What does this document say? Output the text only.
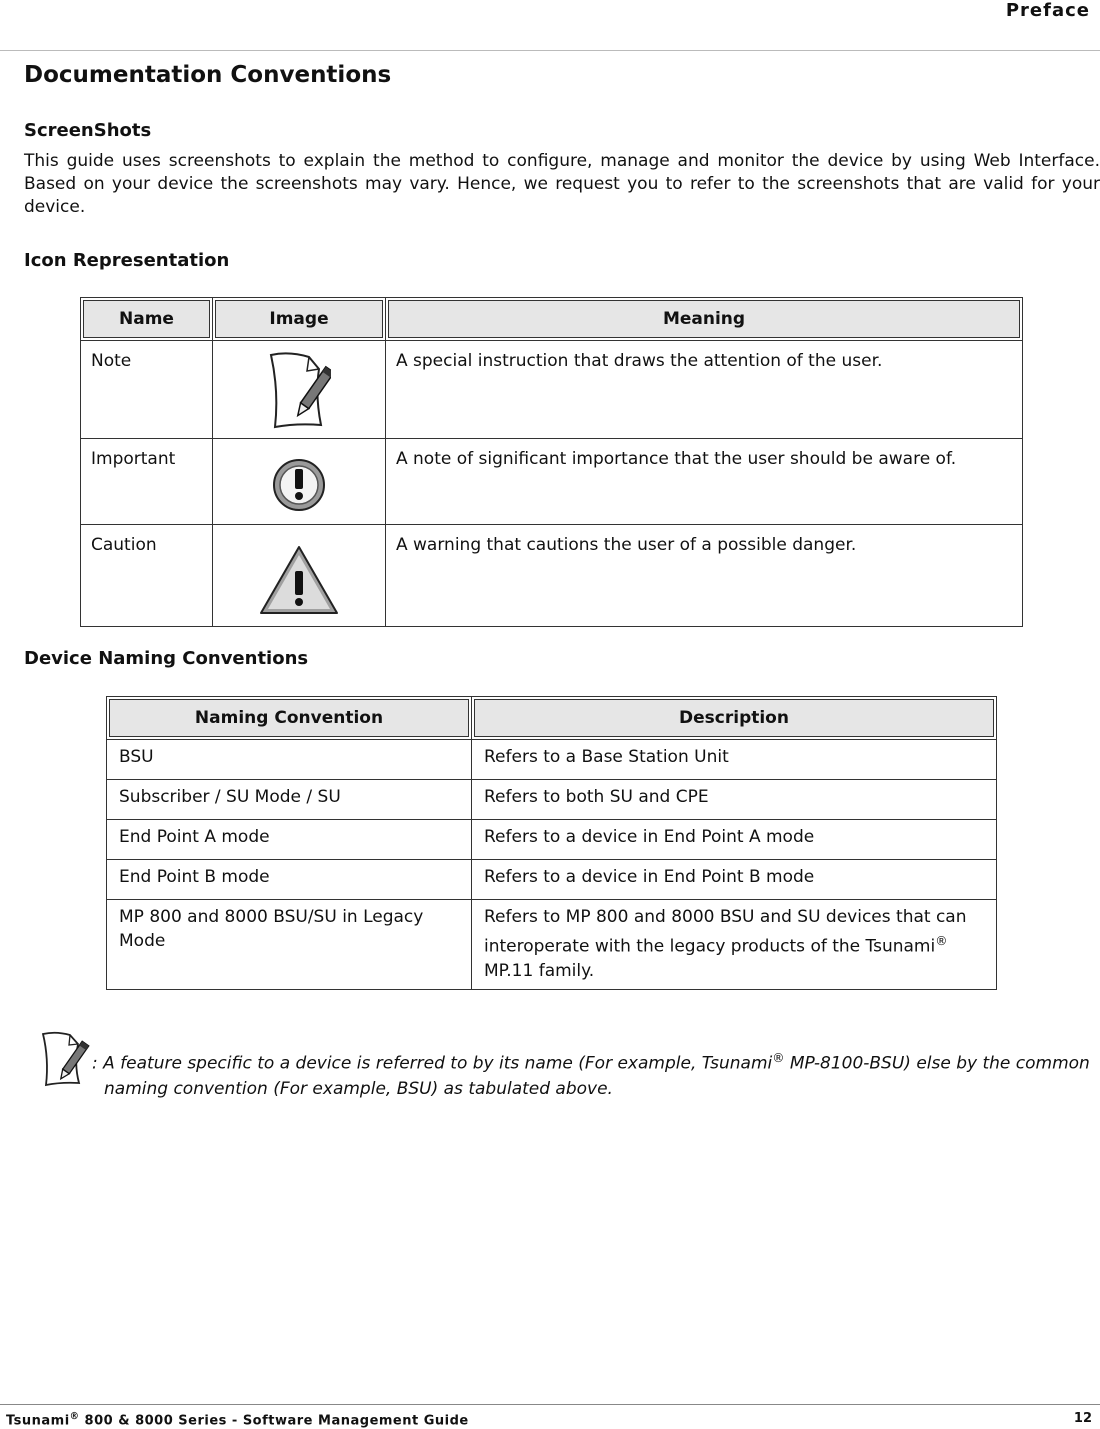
Preface
Documentation Conventions
ScreenShots

This guide uses screenshots to explain the method to configure, manage and monitor the device by using Web Interface. Based on your device the screenshots may vary. Hence, we request you to refer to the screenshots that are valid for your device.

Icon Representation
Name	Image	Meaning
Note		A special instruction that draws the attention of the user.
Important		A note of significant importance that the user should be aware of.
Caution		A warning that cautions the user of a possible danger.
Device Naming Conventions
Naming Convention	Description
BSU	Refers to a Base Station Unit
Subscriber / SU Mode / SU	Refers to both SU and CPE
End Point A mode	Refers to a device in End Point A mode
End Point B mode	Refers to a device in End Point B mode
MP 800 and 8000 BSU/SU in Legacy Mode	Refers to MP 800 and 8000 BSU and SU devices that can interoperate with the legacy products of the Tsunami® MP.11 family.
: A feature specific to a device is referred to by its name (For example, Tsunami® MP-8100-BSU) else by the common naming convention (For example, BSU) as tabulated above.
Tsunami® 800 & 8000 Series - Software Management Guide	12
